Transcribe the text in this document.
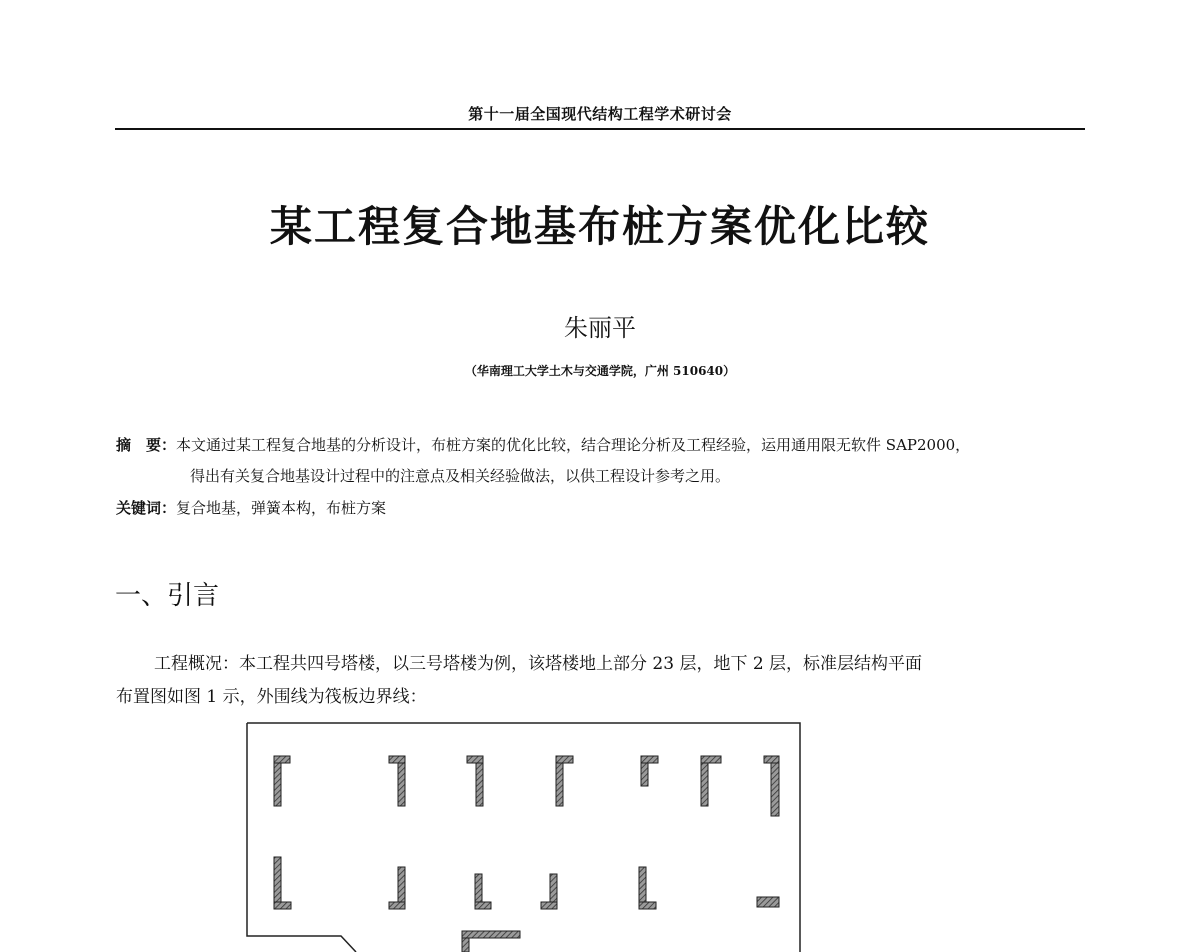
第十一届全国现代结构工程学术研讨会
某工程复合地基布桩方案优化比较
朱丽平
（华南理工大学土木与交通学院，广州 510640）
摘　要：本文通过某工程复合地基的分析设计，布桩方案的优化比较，结合理论分析及工程经验，运用通用限无软件 SAP2000，
得出有关复合地基设计过程中的注意点及相关经验做法，以供工程设计参考之用。
关键词：复合地基，弹簧本构，布桩方案
一、引言
工程概况：本工程共四号塔楼，以三号塔楼为例，该塔楼地上部分 23 层，地下 2 层，标准层结构平面
布置图如图 1 示，外围线为筏板边界线：
